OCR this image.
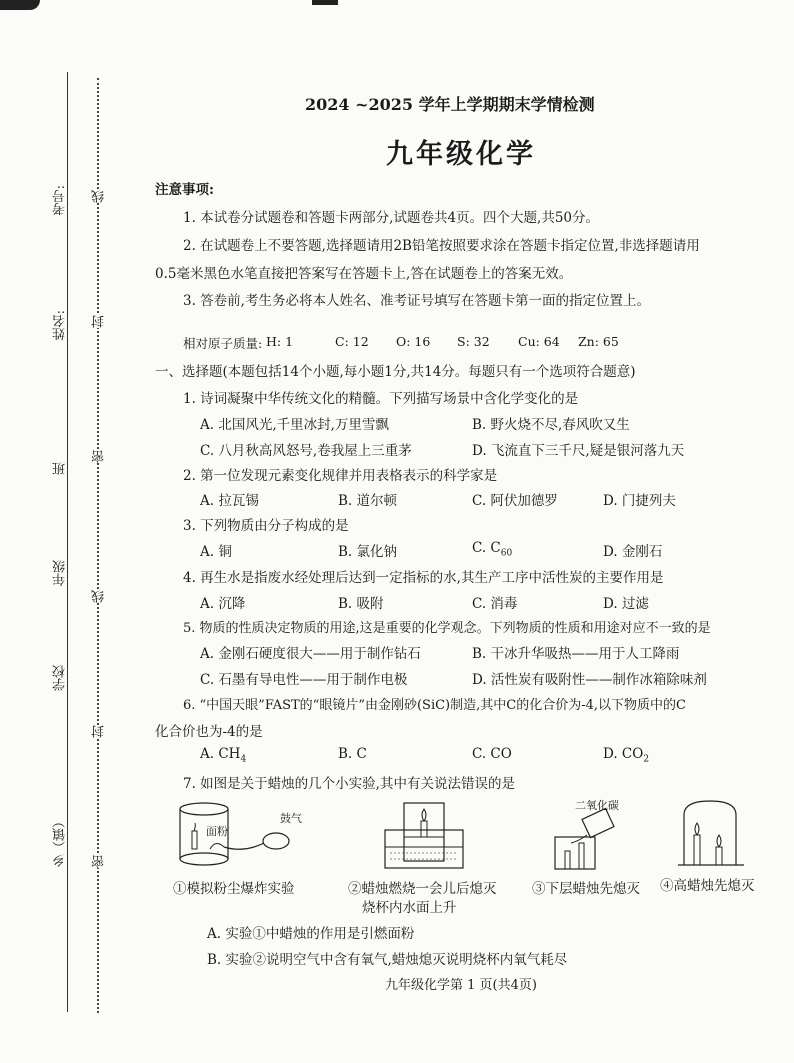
考号:
姓名:
班
年级
学校
乡（镇）
线
封
密
线
封
密
2024 ~2025 学年上学期期末学情检测
九年级化学
注意事项:
1. 本试卷分试题卷和答题卡两部分,试题卷共4页。四个大题,共50分。
2. 在试题卷上不要答题,选择题请用2B铅笔按照要求涂在答题卡指定位置,非选择题请用
0.5毫米黑色水笔直接把答案写在答题卡上,答在试题卷上的答案无效。
3. 答卷前,考生务必将本人姓名、准考证号填写在答题卡第一面的指定位置上。
相对原子质量: H: 1	C: 12 O: 16 S: 32 Cu: 64 Zn: 65
一、选择题(本题包括14个小题,每小题1分,共14分。每题只有一个选项符合题意)
1. 诗词凝聚中华传统文化的精髓。下列描写场景中含化学变化的是
A. 北国风光,千里冰封,万里雪飘	B. 野火烧不尽,春风吹又生
C. 八月秋高风怒号,卷我屋上三重茅	D. 飞流直下三千尺,疑是银河落九天
2. 第一位发现元素变化规律并用表格表示的科学家是
A. 拉瓦锡	B. 道尔顿	C. 阿伏加德罗	D. 门捷列夫
3. 下列物质由分子构成的是
A. 铜	B. 氯化钠	C. $C_{60}$	D. 金刚石
4. 再生水是指废水经处理后达到一定指标的水,其生产工序中活性炭的主要作用是
A. 沉降	B. 吸附	C. 消毒	D. 过滤
5. 物质的性质决定物质的用途,这是重要的化学观念。下列物质的性质和用途对应不一致的是
A. 金刚石硬度很大——用于制作钻石	B. 干冰升华吸热——用于人工降雨
C. 石墨有导电性——用于制作电极	D. 活性炭有吸附性——制作冰箱除味剂
6. “中国天眼”FAST的“眼镜片”由金刚砂(SiC)制造,其中C的化合价为-4,以下物质中的C
化合价也为-4的是
A. $CH_4$	B. C	C. CO	D. $CO_2$
7. 如图是关于蜡烛的几个小实验,其中有关说法错误的是
面粉
鼓气
二氧化碳
①模拟粉尘爆炸实验	②蜡烛燃烧一会儿后熄灭
烧杯内水面上升
③下层蜡烛先熄灭 ④高蜡烛先熄灭
A. 实验①中蜡烛的作用是引燃面粉
B. 实验②说明空气中含有氧气,蜡烛熄灭说明烧杯内氧气耗尽
九年级化学第 1 页(共4页)
